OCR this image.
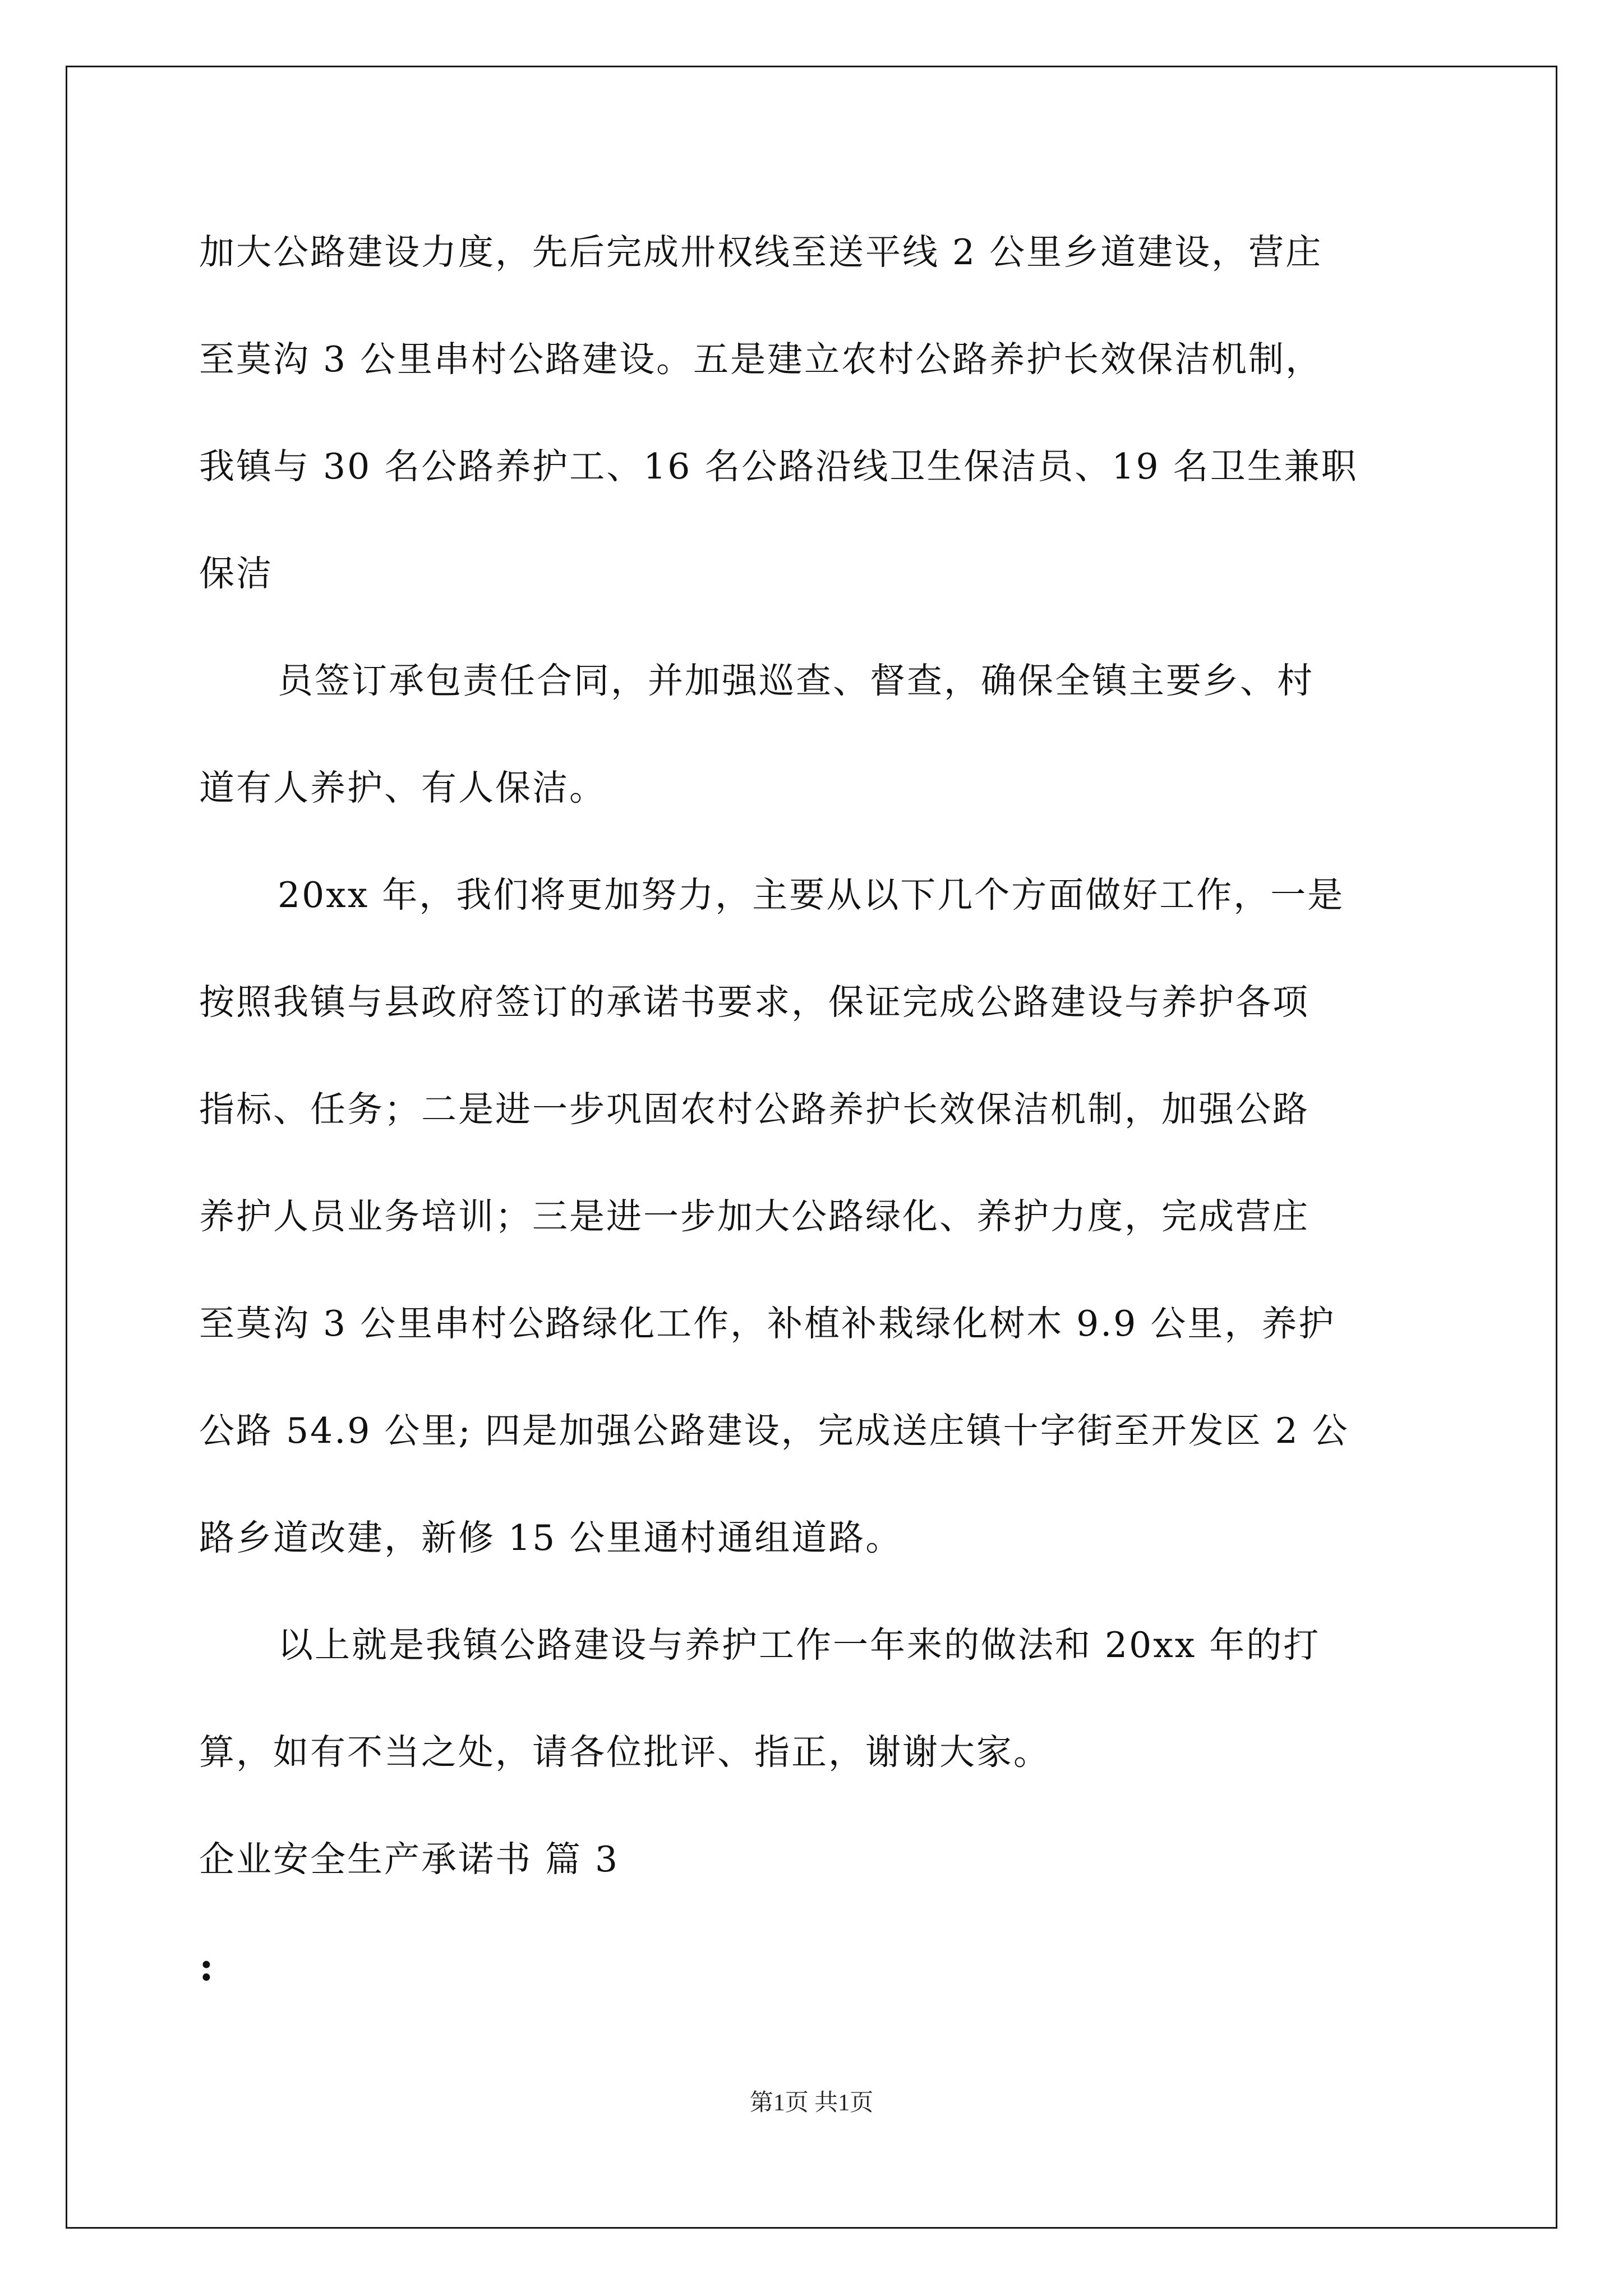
加大公路建设力度，先后完成卅权线至送平线 2 公里乡道建设，营庄
至莫沟 3 公里串村公路建设。五是建立农村公路养护长效保洁机制，
我镇与 30 名公路养护工、16 名公路沿线卫生保洁员、19 名卫生兼职
保洁
员签订承包责任合同，并加强巡查、督查，确保全镇主要乡、村
道有人养护、有人保洁。
20xx 年，我们将更加努力，主要从以下几个方面做好工作，一是
按照我镇与县政府签订的承诺书要求，保证完成公路建设与养护各项
指标、任务；二是进一步巩固农村公路养护长效保洁机制，加强公路
养护人员业务培训；三是进一步加大公路绿化、养护力度，完成营庄
至莫沟 3 公里串村公路绿化工作，补植补栽绿化树木 9.9 公里，养护
公路 54.9 公里; 四是加强公路建设，完成送庄镇十字街至开发区 2 公
路乡道改建，新修 15 公里通村通组道路。
以上就是我镇公路建设与养护工作一年来的做法和 20xx 年的打
算，如有不当之处，请各位批评、指正，谢谢大家。
企业安全生产承诺书 篇 3
:
第1页 共1页
